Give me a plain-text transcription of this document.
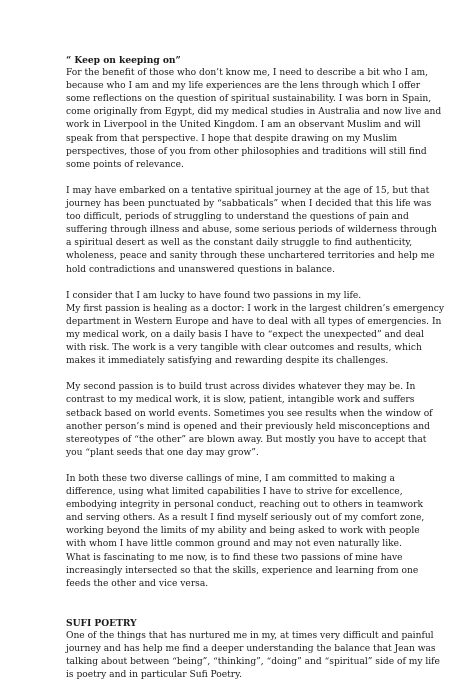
“ Keep on keeping on”
For the benefit of those who don’t know me, I need to describe a bit who I am,
because who I am and my life experiences are the lens through which I offer
some reflections on the question of spiritual sustainability. I was born in Spain,
come originally from Egypt, did my medical studies in Australia and now live and
work in Liverpool in the United Kingdom. I am an observant Muslim and will
speak from that perspective. I hope that despite drawing on my Muslim
perspectives, those of you from other philosophies and traditions will still find
some points of relevance.
I may have embarked on a tentative spiritual journey at the age of 15, but that
journey has been punctuated by “sabbaticals” when I decided that this life was
too difficult, periods of struggling to understand the questions of pain and
suffering through illness and abuse, some serious periods of wilderness through
a spiritual desert as well as the constant daily struggle to find authenticity,
wholeness, peace and sanity through these unchartered territories and help me
hold contradictions and unanswered questions in balance.
I consider that I am lucky to have found two passions in my life.
My first passion is healing as a doctor: I work in the largest children’s emergency
department in Western Europe and have to deal with all types of emergencies. In
my medical work, on a daily basis I have to “expect the unexpected” and deal
with risk. The work is a very tangible with clear outcomes and results, which
makes it immediately satisfying and rewarding despite its challenges.
My second passion is to build trust across divides whatever they may be. In
contrast to my medical work, it is slow, patient, intangible work and suffers
setback based on world events. Sometimes you see results when the window of
another person’s mind is opened and their previously held misconceptions and
stereotypes of “the other” are blown away. But mostly you have to accept that
you “plant seeds that one day may grow”.
In both these two diverse callings of mine, I am committed to making a
difference, using what limited capabilities I have to strive for excellence,
embodying integrity in personal conduct, reaching out to others in teamwork
and serving others. As a result I find myself seriously out of my comfort zone,
working beyond the limits of my ability and being asked to work with people
with whom I have little common ground and may not even naturally like.
What is fascinating to me now, is to find these two passions of mine have
increasingly intersected so that the skills, experience and learning from one
feeds the other and vice versa.
SUFI POETRY
One of the things that has nurtured me in my, at times very difficult and painful
journey and has help me find a deeper understanding the balance that Jean was
talking about between “being”, “thinking”, “doing” and “spiritual” side of my life
is poetry and in particular Sufi Poetry.
